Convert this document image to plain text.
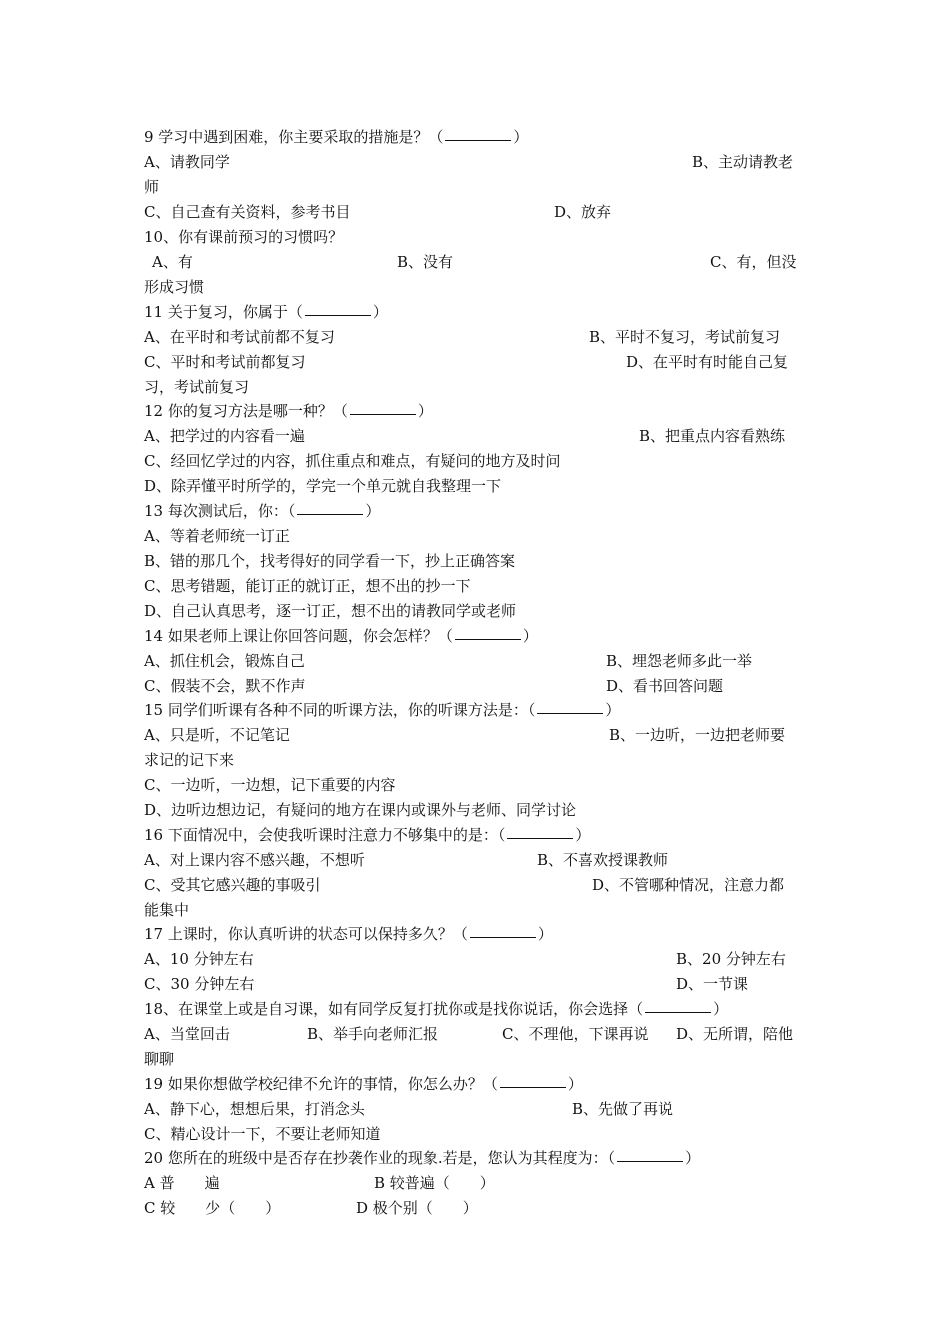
9 学习中遇到困难，你主要采取的措施是？（	）
A、请教同学	B、主动请教老
师
C、自己查有关资料，参考书目	D、放弃
10、你有课前预习的习惯吗？
A、有	B、没有	C、有，但没
形成习惯
11 关于复习，你属于（	）
A、在平时和考试前都不复习	B、平时不复习，考试前复习
C、平时和考试前都复习	D、在平时有时能自己复
习，考试前复习
12 你的复习方法是哪一种？（	）
A、把学过的内容看一遍	B、把重点内容看熟练
C、经回忆学过的内容，抓住重点和难点，有疑问的地方及时问
D、除弄懂平时所学的，学完一个单元就自我整理一下
13 每次测试后，你：（	）
A、等着老师统一订正
B、错的那几个，找考得好的同学看一下，抄上正确答案
C、思考错题，能订正的就订正，想不出的抄一下
D、自己认真思考，逐一订正，想不出的请教同学或老师
14 如果老师上课让你回答问题，你会怎样？（	）
A、抓住机会，锻炼自己	B、埋怨老师多此一举
C、假装不会，默不作声	D、看书回答问题
15 同学们听课有各种不同的听课方法，你的听课方法是：（	）
A、只是听，不记笔记	B、一边听，一边把老师要
求记的记下来
C、一边听，一边想，记下重要的内容
D、边听边想边记，有疑问的地方在课内或课外与老师、同学讨论
16 下面情况中，会使我听课时注意力不够集中的是：（	）
A、对上课内容不感兴趣，不想听	B、不喜欢授课教师
C、受其它感兴趣的事吸引	D、不管哪种情况，注意力都
能集中
17 上课时，你认真听讲的状态可以保持多久？（	）
A、10 分钟左右	B、20 分钟左右
C、30 分钟左右	D、一节课
18、在课堂上或是自习课，如有同学反复打扰你或是找你说话，你会选择（	）
A、当堂回击	B、举手向老师汇报	C、不理他，下课再说 D、无所谓，陪他
聊聊
19 如果你想做学校纪律不允许的事情，你怎么办？（	）
A、静下心，想想后果，打消念头	B、先做了再说
C、精心设计一下，不要让老师知道
20 您所在的班级中是否存在抄袭作业的现象.若是，您认为其程度为：（	）
A 普　　遍	B 较普遍（　　）
C 较　　少（　　）	D 极个别（　　）
